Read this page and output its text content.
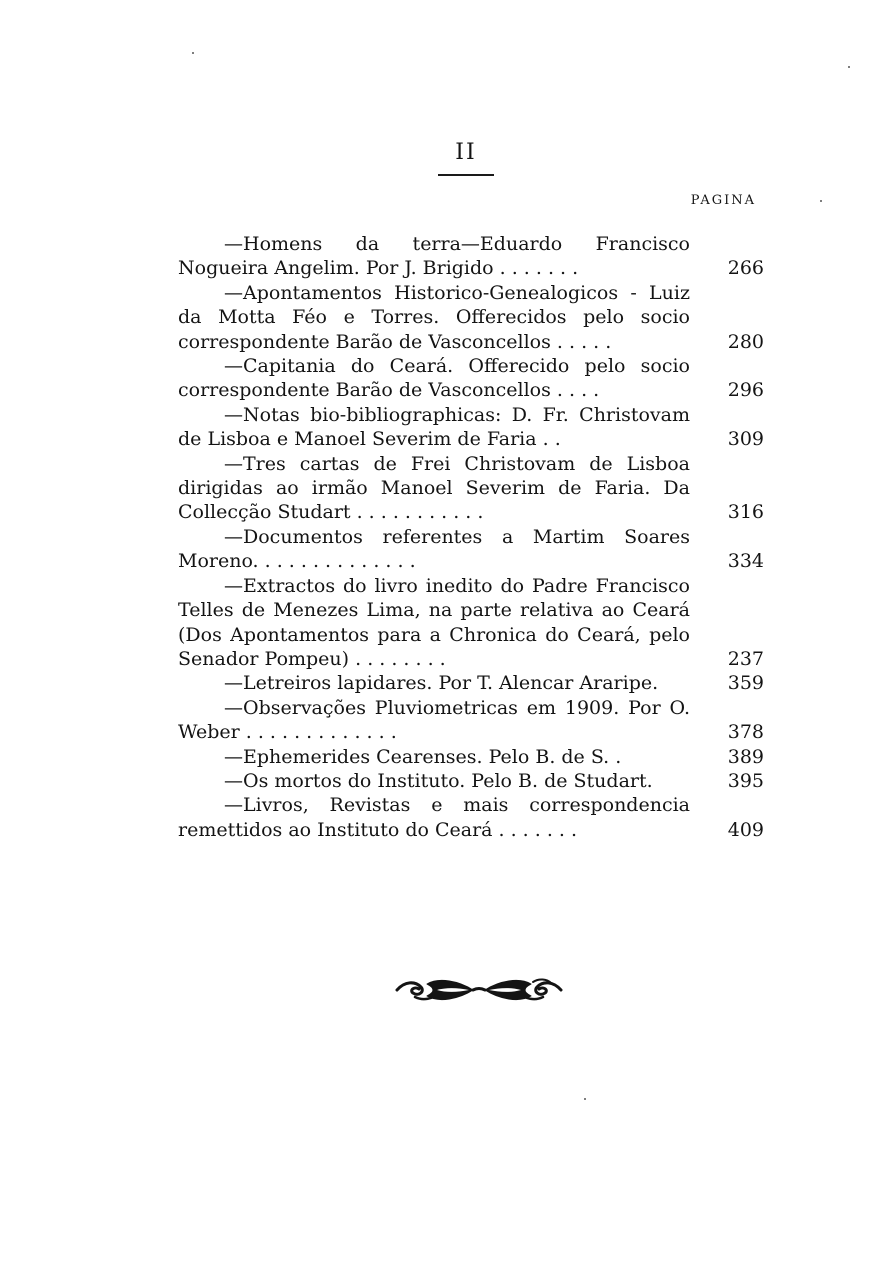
II
PAGINA
—Homens da terra—Eduardo Francisco Nogueira Angelim. Por J. Brigido . . . . . . .	266
—Apontamentos Historico-Genealogicos - Luiz da Motta Féo e Torres. Offerecidos pelo socio correspondente Barão de Vasconcellos . . . . .	280
—Capitania do Ceará. Offerecido pelo socio correspondente Barão de Vasconcellos . . . .	296
—Notas bio-bibliographicas: D. Fr. Christovam de Lisboa e Manoel Severim de Faria . .	309
—Tres cartas de Frei Christovam de Lisboa dirigidas ao irmão Manoel Severim de Faria. Da Collecção Studart . . . . . . . . . . .	316
—Documentos referentes a Martim Soares Moreno. . . . . . . . . . . . . .	334
—Extractos do livro inedito do Padre Francisco Telles de Menezes Lima, na parte relativa ao Ceará (Dos Apontamentos para a Chronica do Ceará, pelo Senador Pompeu) . . . . . . . .	237
—Letreiros lapidares. Por T. Alencar Araripe.	359
—Observações Pluviometricas em 1909. Por O. Weber . . . . . . . . . . . . .	378
—Ephemerides Cearenses. Pelo B. de S. .	389
—Os mortos do Instituto. Pelo B. de Studart.	395
—Livros, Revistas e mais correspondencia remettidos ao Instituto do Ceará . . . . . . .	409
